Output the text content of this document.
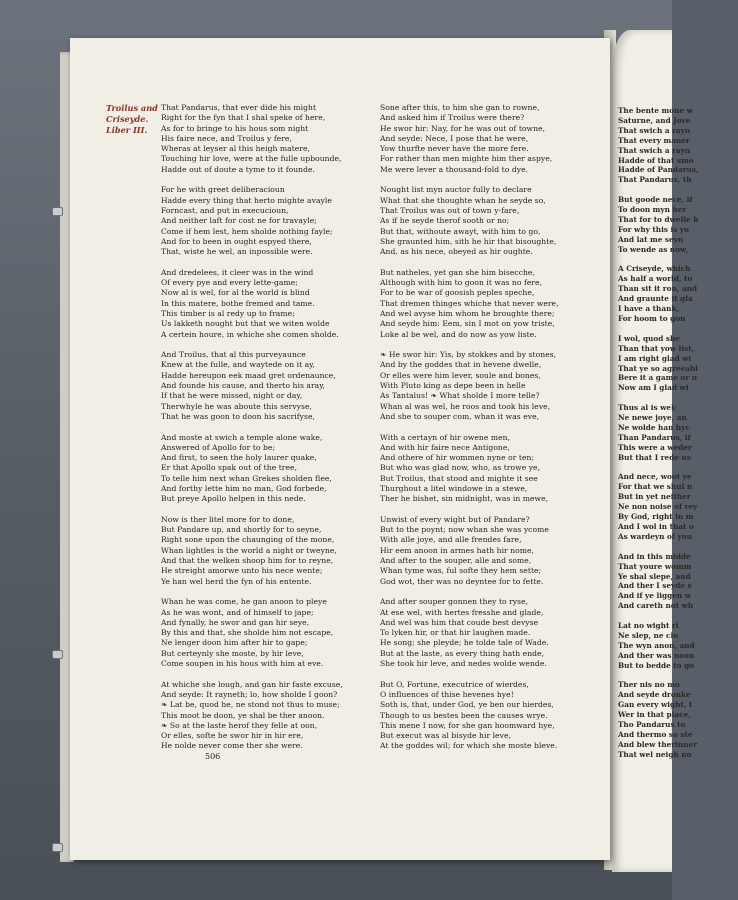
The bente mone w
Saturne, and Jove
That swich a rayn
That every maner
That swich a rayn
Hadde of that smo
Hadde of Pandarus,
That Pandarus, th
But goode nece, if
To doon myn her
That for to dwelle h
For why this is yo
And lat me seyn
To wende as now,
A Criseyde, which
As half a world, to
Than sit it ron, and
And graunte it gla
I have a thank,
For hoom to gon
I wol, quod she
Than that yow list,
I am right glad wi
That ye so agreeabl
Bere it a game or n
Now am I glad wi
Thus al is wel;
Ne newe joye, an
Ne wolde han hyc
Than Pandarus, if
This were a weder
But that I rede us
And nece, woot ye
For that we shul n
But in yet neither
Ne non noise of rey
By God, right in m
And I wol in that o
As wardeyn of you
And in this midde
That youre womm
Ye shal slepe, and
And ther I seyde s
And if ye liggen w
And careth not wh
Lat no wight ri
Ne slep, ne clo
The wyn anon, and
And ther was noon
But to bedde to go
Ther nis no mo
And seyde dronke
Gan every wight, t
Wer in that place,
Tho Pandarus to
And thermo so ste
And blew therinner
That wel neigh no
Troilus and
Criseyde.
Liber III.
That Pandarus, that ever dide his might
Right for the fyn that I shal speke of here,
As for to bringe to his hous som night
His faire nece, and Troilus y fere,
Wheras at leyser al this heigh matere,
Touching hir love, were at the fulle upbounde,
Hadde out of doute a tyme to it founde.
For he with greet deliberacioun
Hadde every thing that herto mighte avayle
Forncast, and put in execucioun,
And neither laft for cost ne for travayle;
Come if hem lest, hem sholde nothing fayle;
And for to been in ought espyed there,
That, wiste he wel, an inpossible were.
And dredelees, it cleer was in the wind
Of every pye and every lette-game;
Now al is wel, for al the world is blind
In this matere, bothe fremed and tame.
This timber is al redy up to frame;
Us lakketh nought but that we witen wolde
A certein houre, in whiche she comen sholde.
And Troilus, that al this purveyaunce
Knew at the fulle, and waytede on it ay,
Hadde hereupon eek maad gret ordenaunce,
And founde his cause, and therto his aray,
If that he were missed, night or day,
Therwhyle he was aboute this servyse,
That he was goon to doon his sacrifyse,
And moste at swich a temple alone wake,
Answered of Apollo for to be;
And first, to seen the holy laurer quake,
Er that Apollo spak out of the tree,
To telle him next whan Grekes sholden flee,
And forthy lette him no man, God forbede,
But preye Apollo helpen in this nede.
Now is ther litel more for to done,
But Pandare up, and shortly for to seyne,
Right sone upon the chaunging of the mone,
Whan lightles is the world a night or tweyne,
And that the welken shoop him for to reyne,
He streight amorwe unto his nece wente;
Ye han wel herd the fyn of his entente.
Whan he was come, he gan anoon to pleye
As he was wont, and of himself to jape;
And fynally, he swor and gan hir seye,
By this and that, she sholde him not escape,
Ne lenger doon him after hir to gape;
But certeynly she moste, by hir leve,
Come soupen in his hous with him at eve.
At whiche she lough, and gan hir faste excuse,
And seyde: It rayneth; lo, how sholde I goon?
❧ Lat be, quod he, ne stond not thus to muse;
This moot be doon, ye shal be ther anoon.
❧ So at the laste herof they felle at oon,
Or elles, softe he swor hir in hir ere,
He nolde never come ther she were.
Sone after this, to him she gan to rowne,
And asked him if Troilus were there?
He swor hir: Nay, for he was out of towne,
And seyde: Nece, I pose that he were,
Yow thurfte never have the more fere.
For rather than men mighte him ther aspye,
Me were lever a thousand-fold to dye.
Nought list myn auctor fully to declare
What that she thoughte whan he seyde so,
That Troilus was out of town y-fare,
As if he seyde therof sooth or no;
But that, withoute awayt, with him to go,
She graunted him, sith he hir that bisoughte,
And, as his nece, obeyed as hir oughte.
But natheles, yet gan she him bisecche,
Although with him to goon it was no fere,
For to be war of goosish peples speche,
That dremen thinges whiche that never were,
And wel avyse him whom he broughte there;
And seyde him: Eem, sin I mot on yow triste,
Loke al be wel, and do now as yow liste.
❧ He swor hir: Yis, by stokkes and by stones,
And by the goddes that in hevene dwelle,
Or elles were him lever, soule and bones,
With Pluto king as depe been in helle
As Tantalus! ❧ What sholde I more telle?
Whan al was wel, he roos and took his leve,
And she to souper com, whan it was eve,
With a certayn of hir owene men,
And with hir faire nece Antigone,
And othere of hir wommen nyne or ten;
But who was glad now, who, as trowe ye,
But Troilus, that stood and mighte it see
Thurghout a litel windowe in a stewe,
Ther he bishet, sin midnight, was in mewe,
Unwist of every wight but of Pandare?
But to the poynt; now whan she was ycome
With alle joye, and alle frendes fare,
Hir eem anoon in armes hath hir nome,
And after to the souper, alle and some,
Whan tyme was, ful softe they hem sette;
God wot, ther was no deyntee for to fette.
And after souper gonnen they to ryse,
At ese wel, with hertes fresshe and glade,
And wel was him that coude best devyse
To lyken hir, or that hir laughen made.
He song; she pleyde; he tolde tale of Wade.
But at the laste, as every thing hath ende,
She took hir leve, and nedes wolde wende.
But O, Fortune, executrice of wierdes,
O influences of thise hevenes hye!
Soth is, that, under God, ye ben our hierdes,
Though to us bestes been the causes wrye.
This mene I now, for she gan hoomward hye,
But execut was al bisyde hir leve,
At the goddes wil; for which she moste bleve.
506
